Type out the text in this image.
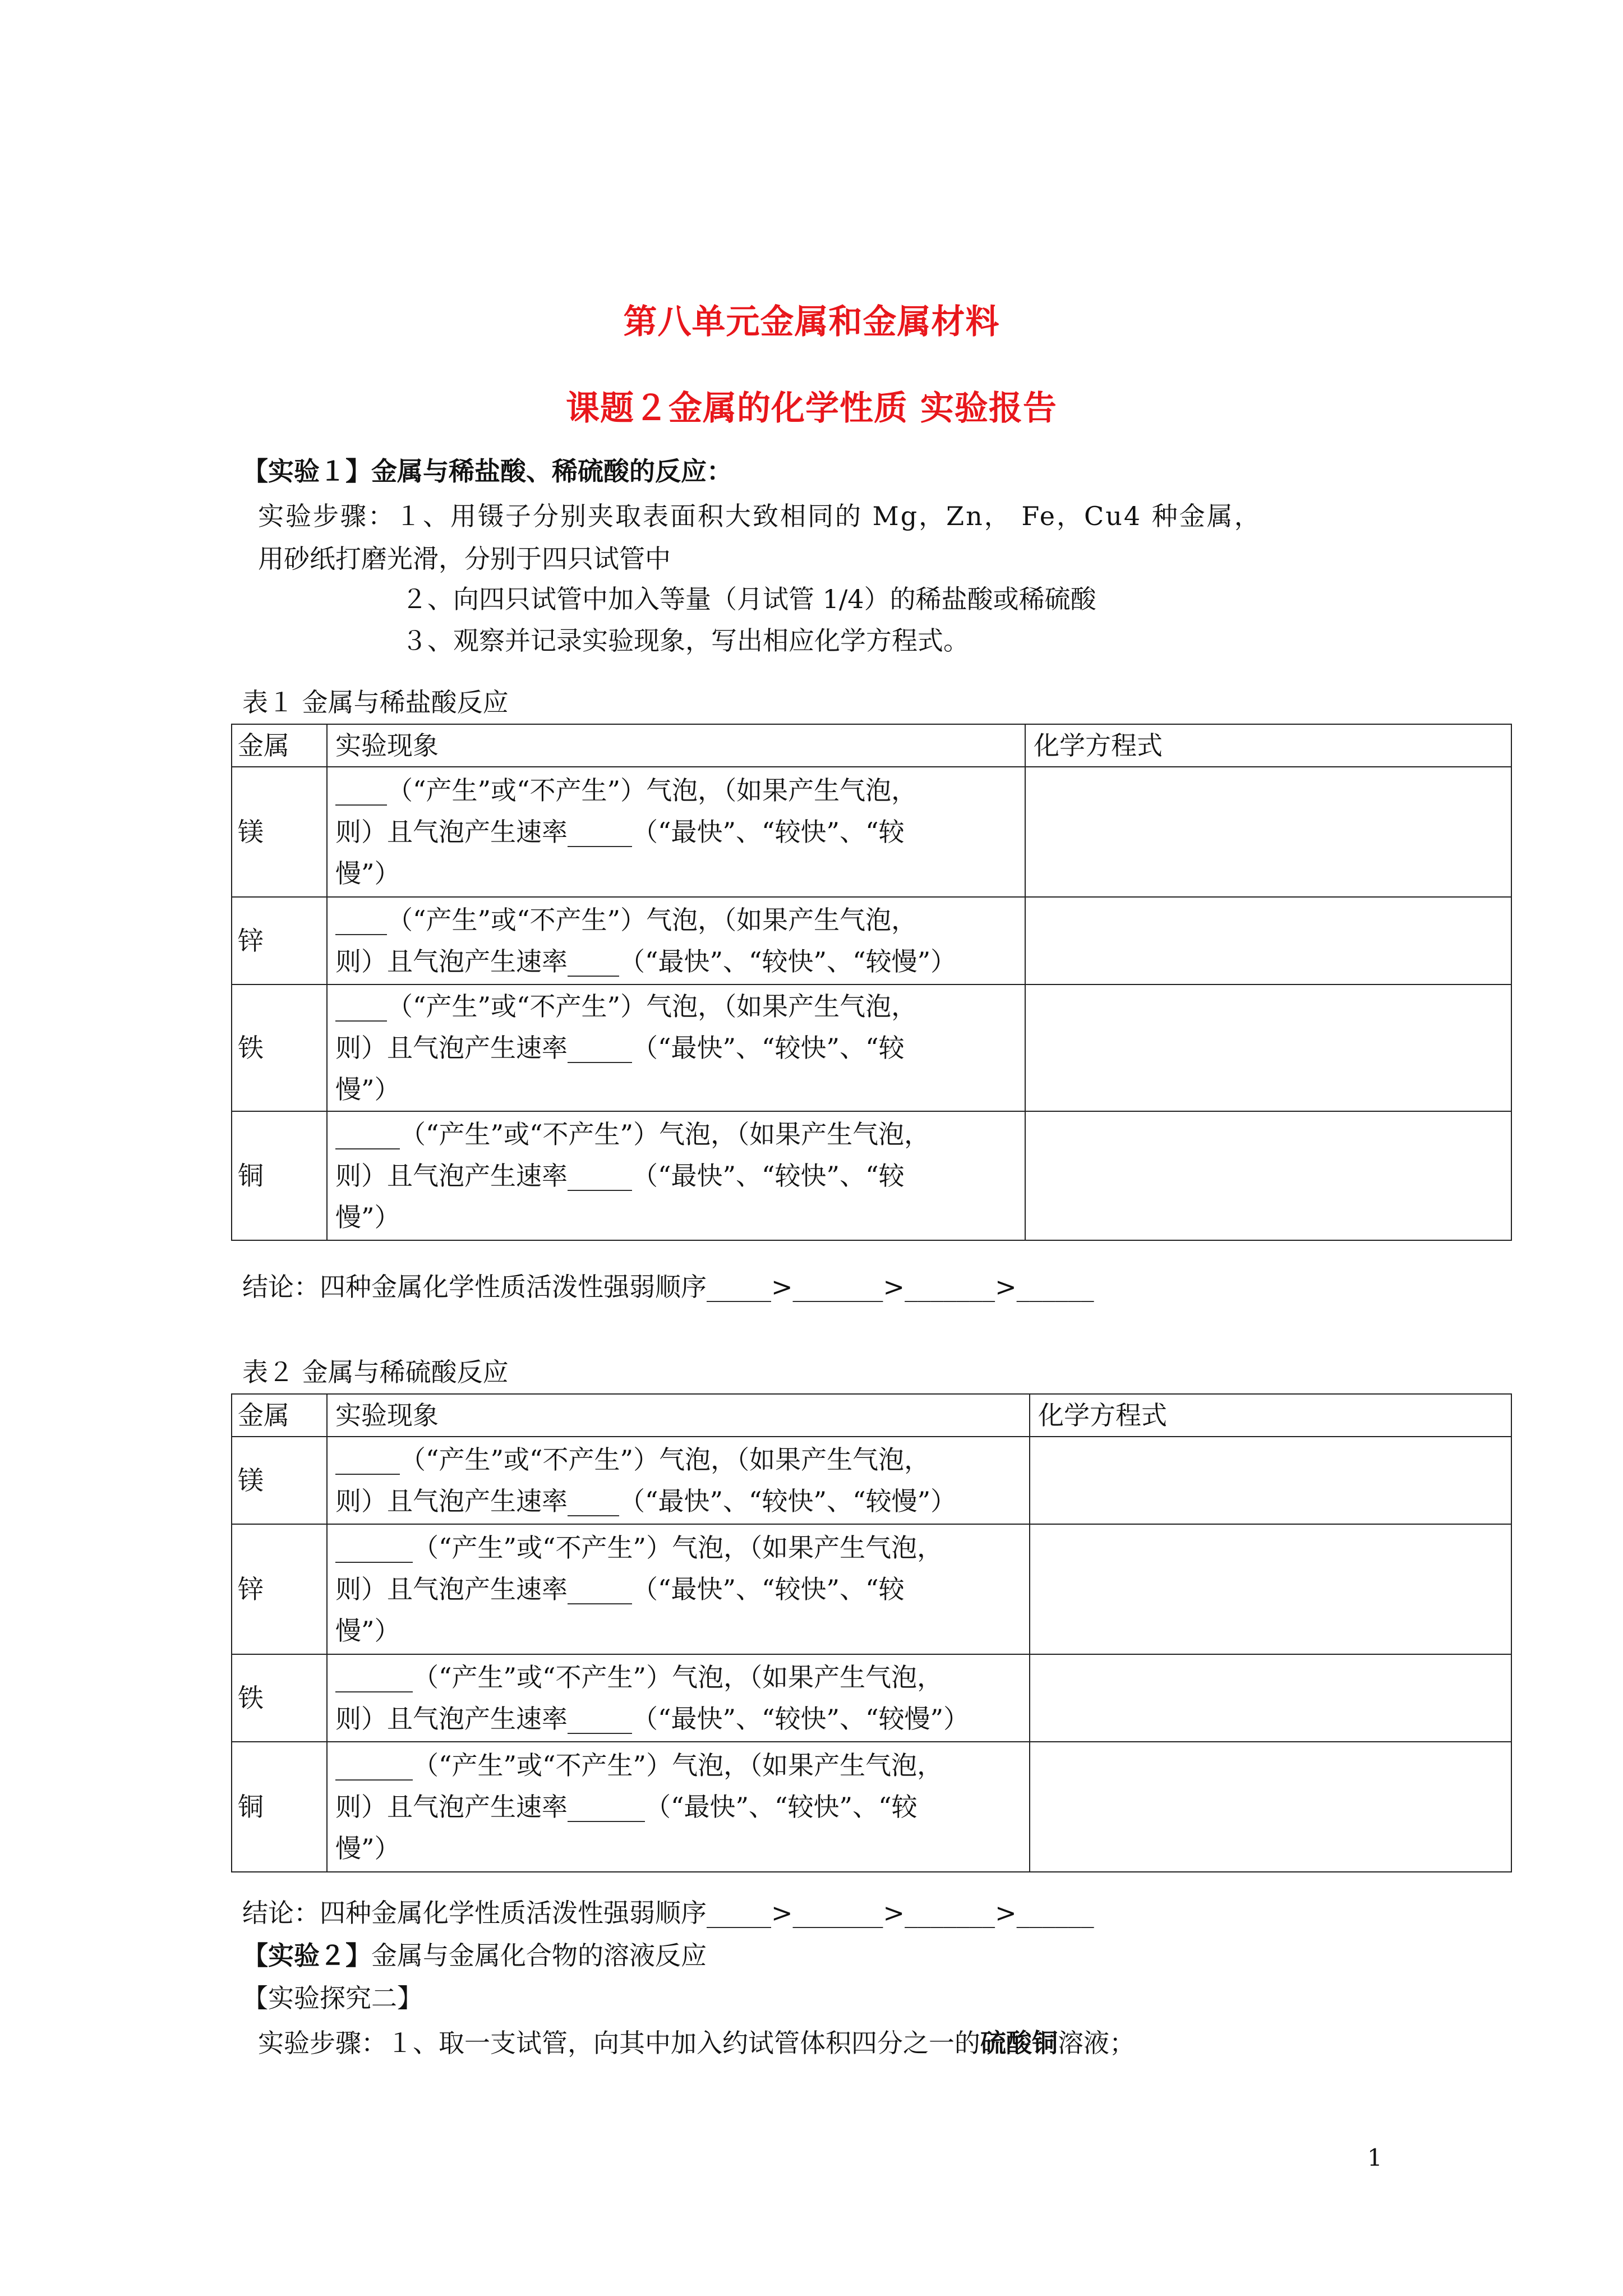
第八单元金属和金属材料
课题２金属的化学性质 实验报告
【实验１】金属与稀盐酸、稀硫酸的反应：
实验步骤：１、用镊子分别夹取表面积大致相同的 Mg，Zn， Fe，Cu4 种金属，
用砂纸打磨光滑，分别于四只试管中
２、向四只试管中加入等量（月试管 1/4）的稀盐酸或稀硫酸
３、观察并记录实验现象，写出相应化学方程式。
表１ 金属与稀盐酸反应
金属	实验现象	化学方程式
镁	____（“产生”或“不产生”）气泡，（如果产生气泡，
则）且气泡产生速率_____（“最快”、“较快”、“较
慢”）	

锌	____（“产生”或“不产生”）气泡，（如果产生气泡，
则）且气泡产生速率____（“最快”、“较快”、“较慢”）	

铁	____（“产生”或“不产生”）气泡，（如果产生气泡，
则）且气泡产生速率_____（“最快”、“较快”、“较
慢”）	

铜	_____（“产生”或“不产生”）气泡，（如果产生气泡，
则）且气泡产生速率_____（“最快”、“较快”、“较
慢”）	

结论：四种金属化学性质活泼性强弱顺序_____>_______>_______>______
表２ 金属与稀硫酸反应
金属	实验现象	化学方程式
镁	_____（“产生”或“不产生”）气泡，（如果产生气泡，
则）且气泡产生速率____（“最快”、“较快”、“较慢”）	

锌	______（“产生”或“不产生”）气泡，（如果产生气泡，
则）且气泡产生速率_____（“最快”、“较快”、“较
慢”）	

铁	______（“产生”或“不产生”）气泡，（如果产生气泡，
则）且气泡产生速率_____（“最快”、“较快”、“较慢”）	

铜	______（“产生”或“不产生”）气泡，（如果产生气泡，
则）且气泡产生速率______（“最快”、“较快”、“较
慢”）	

结论：四种金属化学性质活泼性强弱顺序_____>_______>_______>______
【实验２】金属与金属化合物的溶液反应
【实验探究二】
实验步骤：１、取一支试管，向其中加入约试管体积四分之一的硫酸铜溶液；
1
